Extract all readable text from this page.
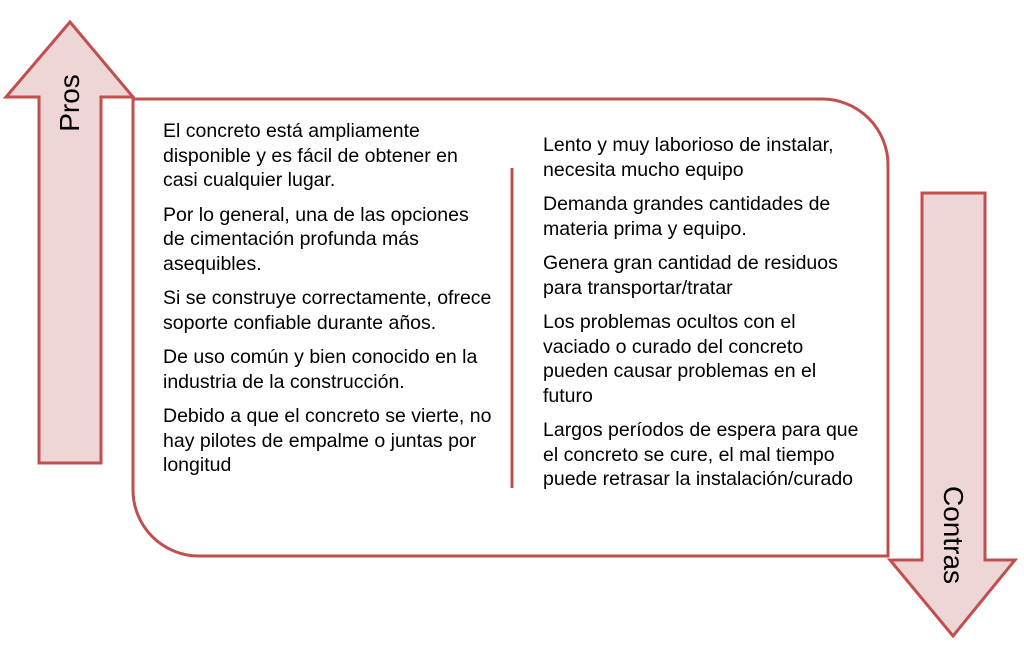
Pros
Contras
El concreto está ampliamente disponible y es fácil de obtener en casi cualquier lugar.
Por lo general, una de las opciones de cimentación profunda más asequibles.
Si se construye correctamente, ofrece soporte confiable durante años.
De uso común y bien conocido en la industria de la construcción.
Debido a que el concreto se vierte, no hay pilotes de empalme o juntas por longitud
Lento y muy laborioso de instalar, necesita mucho equipo
Demanda grandes cantidades de materia prima y equipo.
Genera gran cantidad de residuos para transportar/tratar
Los problemas ocultos con el vaciado o curado del concreto pueden causar problemas en el futuro
Largos períodos de espera para que el concreto se cure, el mal tiempo puede retrasar la instalación/curado
